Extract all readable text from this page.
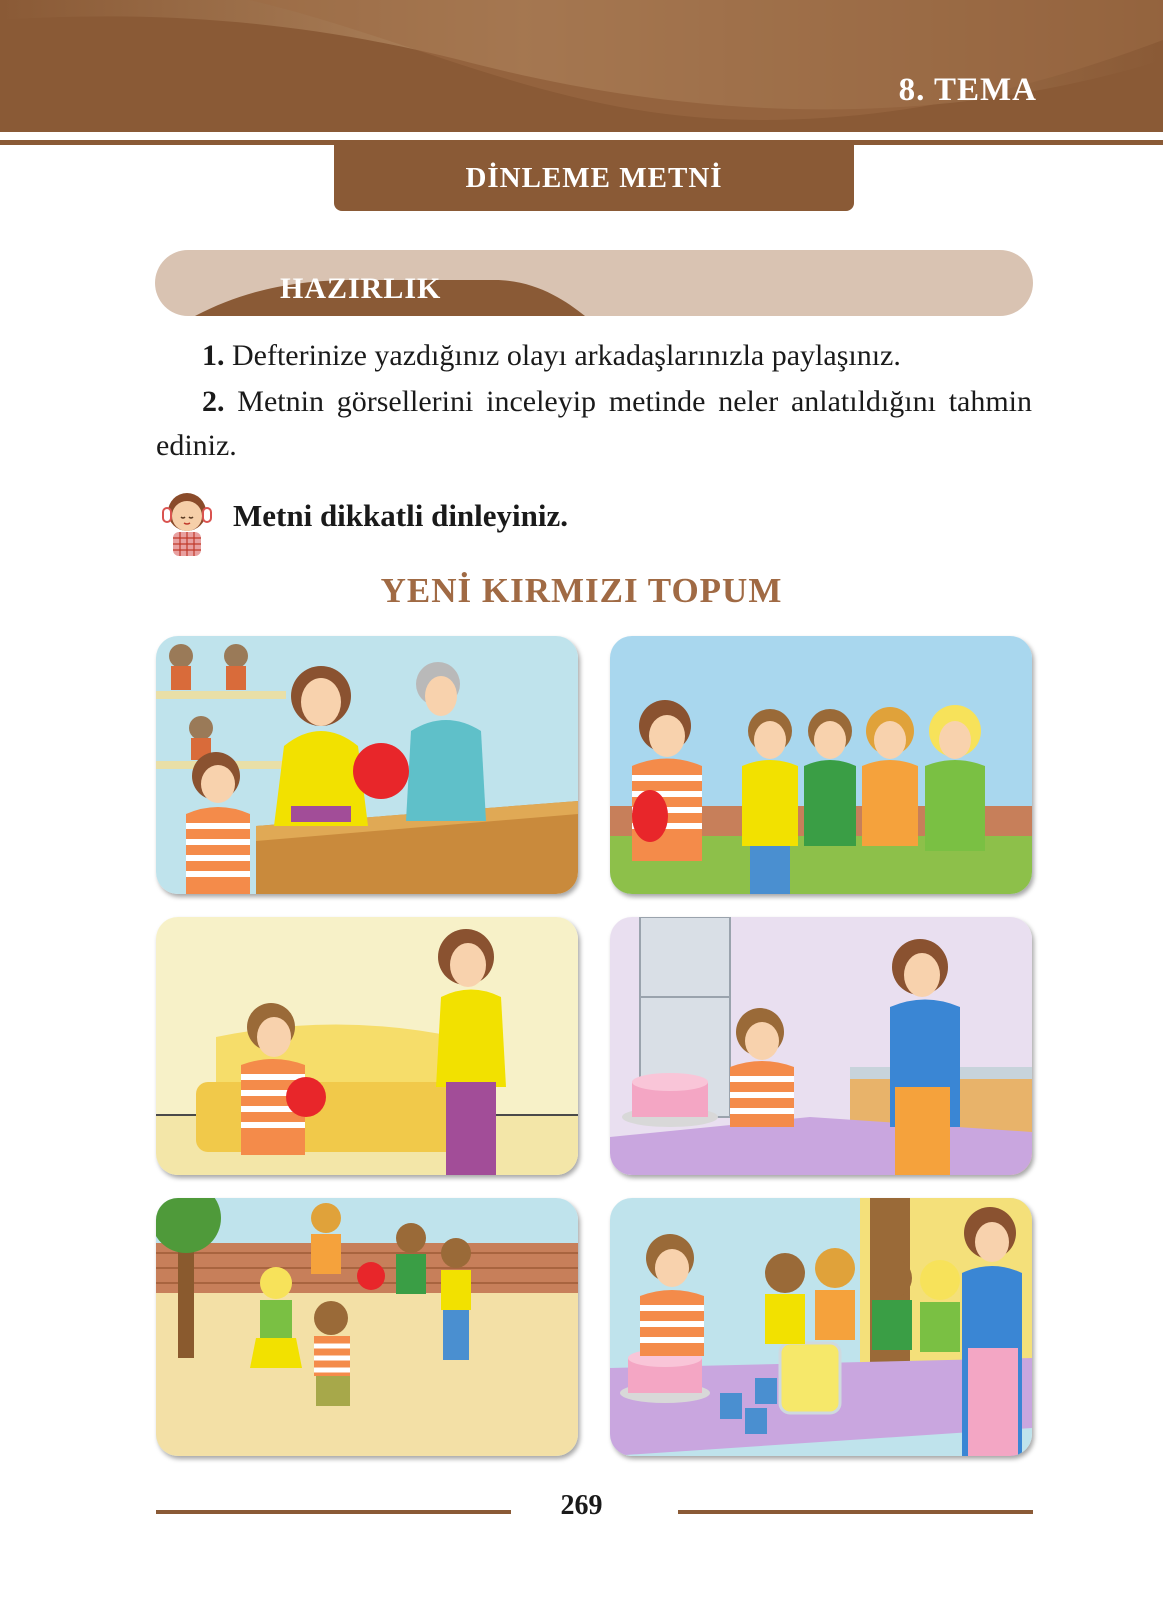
8. TEMA
DİNLEME METNİ
HAZIRLIK
1. Defterinize yazdığınız olayı arkadaşlarınızla paylaşınız.
2. Metnin görsellerini inceleyip metinde neler anlatıldığını tahmin ediniz.
Metni dikkatli dinleyiniz.
YENİ KIRMIZI TOPUM
269
